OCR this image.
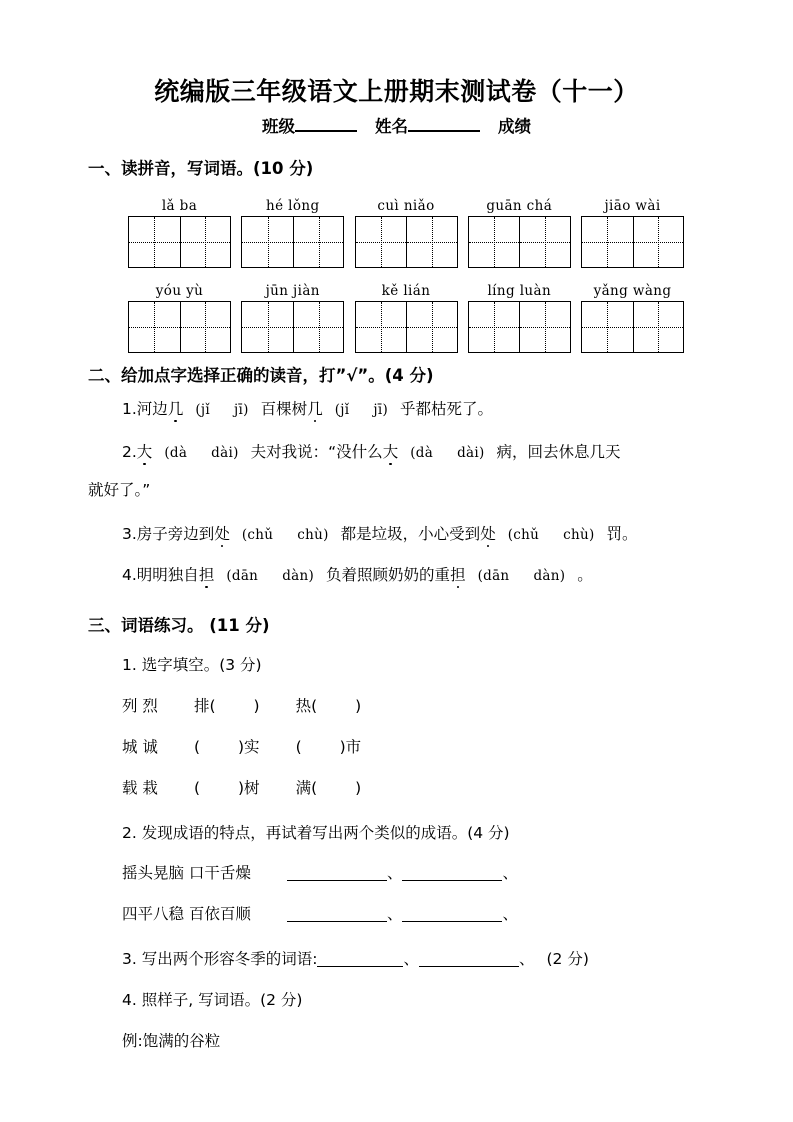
统编版三年级语文上册期末测试卷（十一）
班级	姓名	成绩
一、读拼音，写词语。(10 分)
lǎ ba	hé lǒng	cuì niǎo	guān chá	jiāo wài
yóu yù	jūn jiàn	kě lián	líng luàn	yǎng wàng
二、给加点字选择正确的读音，打”√”。(4 分)
1.河边几 (jǐ jī) 百棵树几 (jǐ jī) 乎都枯死了。
2.大 (dà dài) 夫对我说：“没什么大 (dà dài) 病，回去休息几天
就好了。”
3.房子旁边到处 (chǔ chù) 都是垃圾，小心受到处 (chǔ chù) 罚。
4.明明独自担 (dān dàn) 负着照顾奶奶的重担 (dān dàn) 。
三、词语练习。 (11 分)
1. 选字填空。(3 分)
列 烈 排( ) 热( )
城 诚 ( )实 ( )市
载 栽 ( )树 满( )
2. 发现成语的特点，再试着写出两个类似的成语。(4 分)
摇头晃脑 口干舌燥	、	、
四平八稳 百依百顺	、	、
3. 写出两个形容冬季的词语:	、	、 (2 分)
4. 照样子, 写词语。(2 分)
例:饱满的谷粒
